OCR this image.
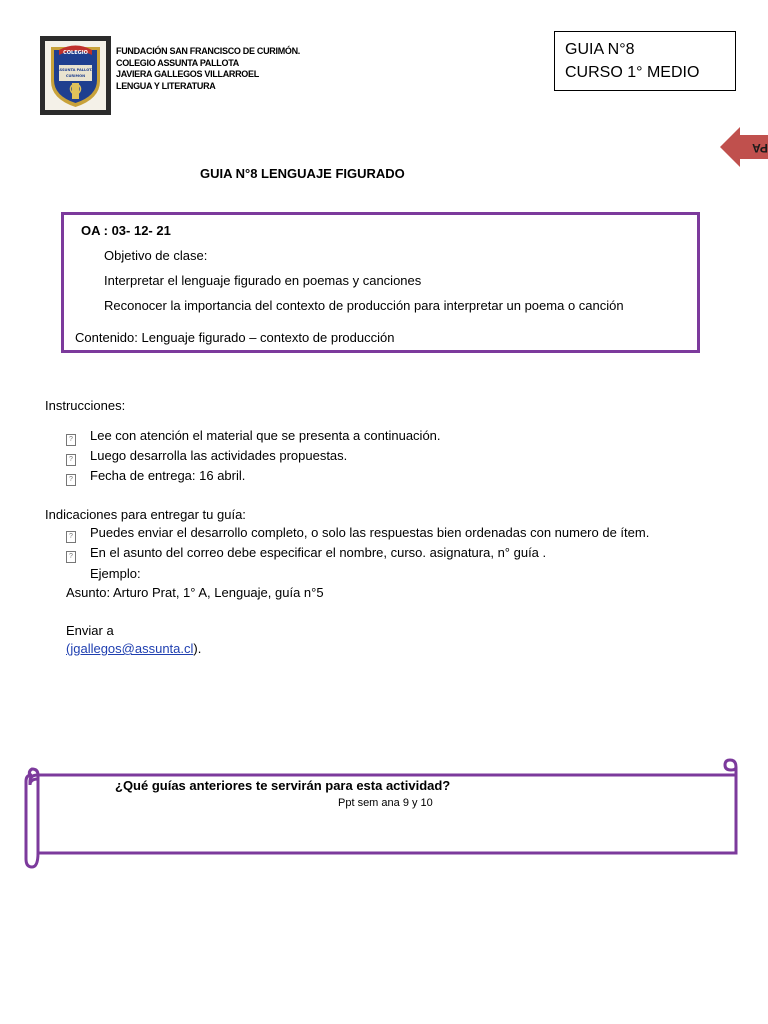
COLEGIO
ASSUNTA PALLOTA
CURIMON
FUNDACIÓN SAN FRANCISCO DE CURIMÓN.
COLEGIO ASSUNTA PALLOTA
JAVIERA GALLEGOS VILLARROEL
LENGUA Y LITERATURA
GUIA N°8
CURSO 1° MEDIO
PA
GUIA N°8 LENGUAJE FIGURADO
OA : 03- 12- 21
Objetivo de clase:
Interpretar el lenguaje figurado en poemas y canciones
Reconocer la importancia del contexto de producción para interpretar un poema o canción
Contenido: Lenguaje figurado – contexto de producción
Instrucciones:
? Lee con atención el material que se presenta a continuación.
? Luego desarrolla las actividades propuestas.
? Fecha de entrega: 16 abril.
Indicaciones para entregar tu guía:
? Puedes enviar el desarrollo completo, o solo las respuestas bien ordenadas con numero de ítem.
? En el asunto del correo debe especificar el nombre, curso. asignatura, n° guía .
Ejemplo:
Asunto: Arturo Prat, 1° A, Lenguaje, guía n°5
Enviar a
(jgallegos@assunta.cl).
¿Qué guías anteriores te servirán para esta actividad?
Ppt sem ana 9 y 10
